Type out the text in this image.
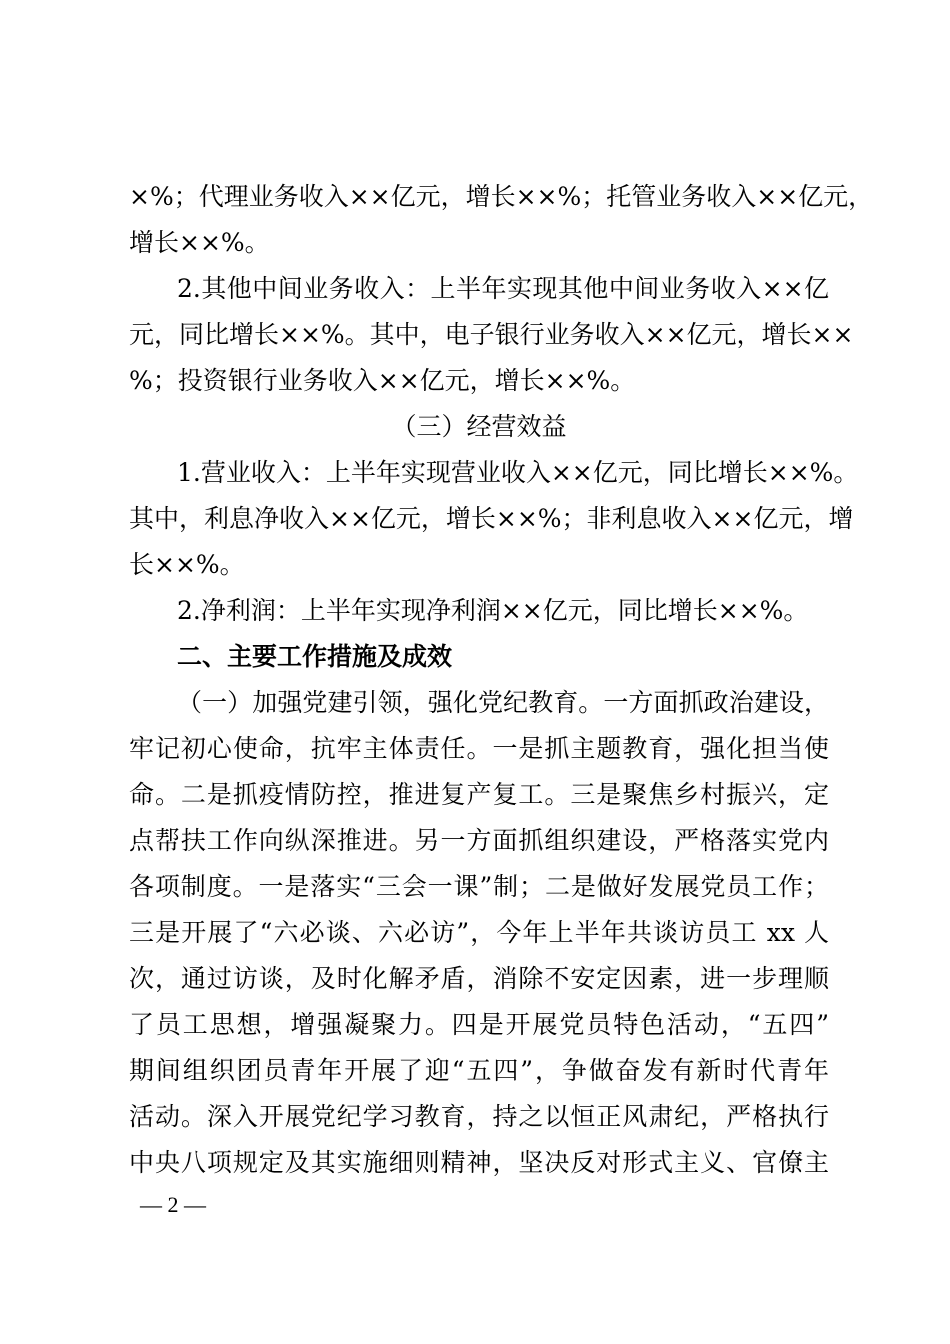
×%；代理业务收入××亿元，增长××%；托管业务收入××亿元，
增长××%。
2.其他中间业务收入：上半年实现其他中间业务收入××亿
元，同比增长××%。其中，电子银行业务收入××亿元，增长××
%；投资银行业务收入××亿元，增长××%。
（三）经营效益
1.营业收入：上半年实现营业收入××亿元，同比增长××%。
其中，利息净收入××亿元，增长××%；非利息收入××亿元，增
长××%。
2.净利润：上半年实现净利润××亿元，同比增长××%。
二、主要工作措施及成效
（一）加强党建引领，强化党纪教育。一方面抓政治建设，
牢记初心使命，抗牢主体责任。一是抓主题教育，强化担当使
命。二是抓疫情防控，推进复产复工。三是聚焦乡村振兴，定
点帮扶工作向纵深推进。另一方面抓组织建设，严格落实党内
各项制度。一是落实“三会一课”制；二是做好发展党员工作；
三是开展了“六必谈、六必访”，今年上半年共谈访员工 xx 人
次，通过访谈，及时化解矛盾，消除不安定因素，进一步理顺
了员工思想，增强凝聚力。四是开展党员特色活动，“五四”
期间组织团员青年开展了迎“五四”，争做奋发有新时代青年
活动。深入开展党纪学习教育，持之以恒正风肃纪，严格执行
中央八项规定及其实施细则精神，坚决反对形式主义、官僚主
— 2 —
